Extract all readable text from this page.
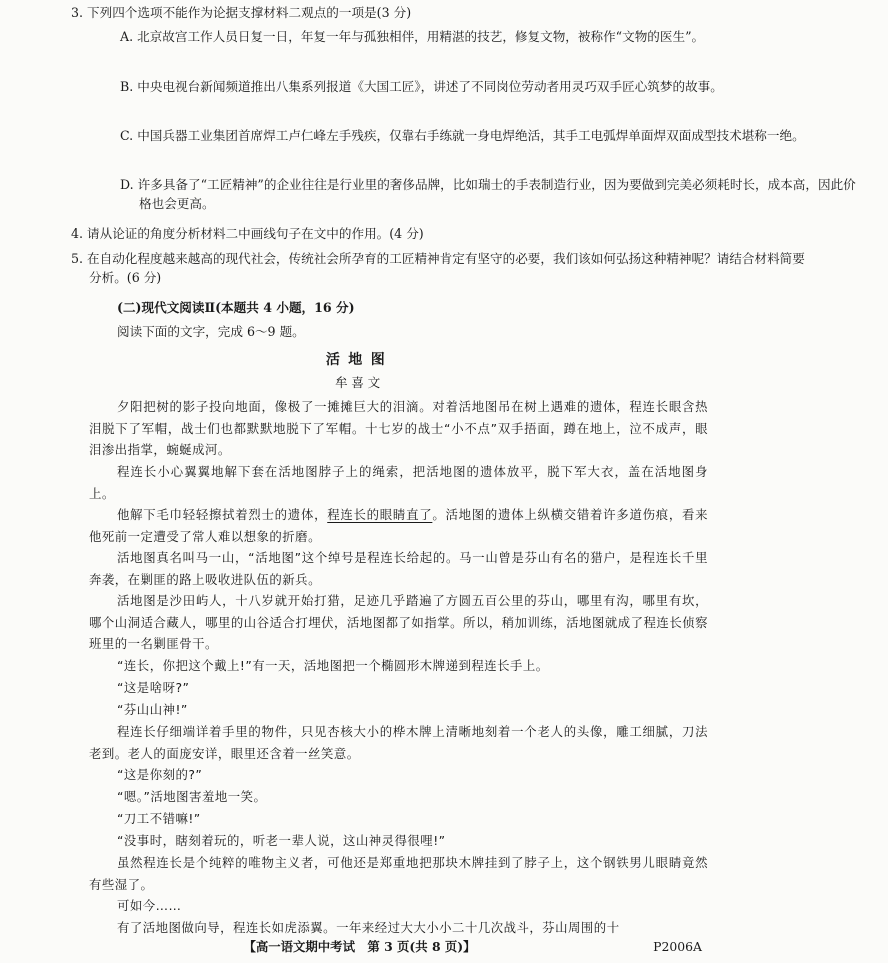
3. 下列四个选项不能作为论据支撑材料二观点的一项是(3 分)
A. 北京故宫工作人员日复一日，年复一年与孤独相伴，用精湛的技艺，修复文物，被称作“文物的医生”。
B. 中央电视台新闻频道推出八集系列报道《大国工匠》，讲述了不同岗位劳动者用灵巧双手匠心筑梦的故事。
C. 中国兵器工业集团首席焊工卢仁峰左手残疾，仅靠右手练就一身电焊绝活，其手工电弧焊单面焊双面成型技术堪称一绝。
D. 许多具备了“工匠精神”的企业往往是行业里的奢侈品牌，比如瑞士的手表制造行业，因为要做到完美必须耗时长，成本高，因此价格也会更高。
4. 请从论证的角度分析材料二中画线句子在文中的作用。(4 分)
5. 在自动化程度越来越高的现代社会，传统社会所孕育的工匠精神肯定有坚守的必要，我们该如何弘扬这种精神呢？请结合材料简要分析。(6 分)
(二)现代文阅读Ⅱ(本题共 4 小题，16 分)
阅读下面的文字，完成 6～9 题。
活地图
牟喜文
夕阳把树的影子投向地面，像极了一摊摊巨大的泪滴。对着活地图吊在树上遇难的遗体，程连长眼含热泪脱下了军帽，战士们也都默默地脱下了军帽。十七岁的战士“小不点”双手捂面，蹲在地上，泣不成声，眼泪渗出指掌，蜿蜒成河。
程连长小心翼翼地解下套在活地图脖子上的绳索，把活地图的遗体放平，脱下军大衣，盖在活地图身上。
他解下毛巾轻轻擦拭着烈士的遗体，程连长的眼睛直了。活地图的遗体上纵横交错着许多道伤痕，看来他死前一定遭受了常人难以想象的折磨。
活地图真名叫马一山，“活地图”这个绰号是程连长给起的。马一山曾是芬山有名的猎户，是程连长千里奔袭，在剿匪的路上吸收进队伍的新兵。
活地图是沙田屿人，十八岁就开始打猎，足迹几乎踏遍了方圆五百公里的芬山，哪里有沟，哪里有坎，哪个山洞适合藏人，哪里的山谷适合打埋伏，活地图都了如指掌。所以，稍加训练，活地图就成了程连长侦察班里的一名剿匪骨干。
“连长，你把这个戴上!”有一天，活地图把一个椭圆形木牌递到程连长手上。
“这是啥呀?”
“芬山山神!”
程连长仔细端详着手里的物件，只见杏核大小的桦木牌上清晰地刻着一个老人的头像，雕工细腻，刀法老到。老人的面庞安详，眼里还含着一丝笑意。
“这是你刻的?”
“嗯。”活地图害羞地一笑。
“刀工不错嘛!”
“没事时，瞎刻着玩的，听老一辈人说，这山神灵得很哩!”
虽然程连长是个纯粹的唯物主义者，可他还是郑重地把那块木牌挂到了脖子上，这个钢铁男儿眼睛竟然有些湿了。
可如今……
有了活地图做向导，程连长如虎添翼。一年来经过大大小小二十几次战斗，芬山周围的十
【高一语文期中考试　第 3 页(共 8 页)】	P2006A
